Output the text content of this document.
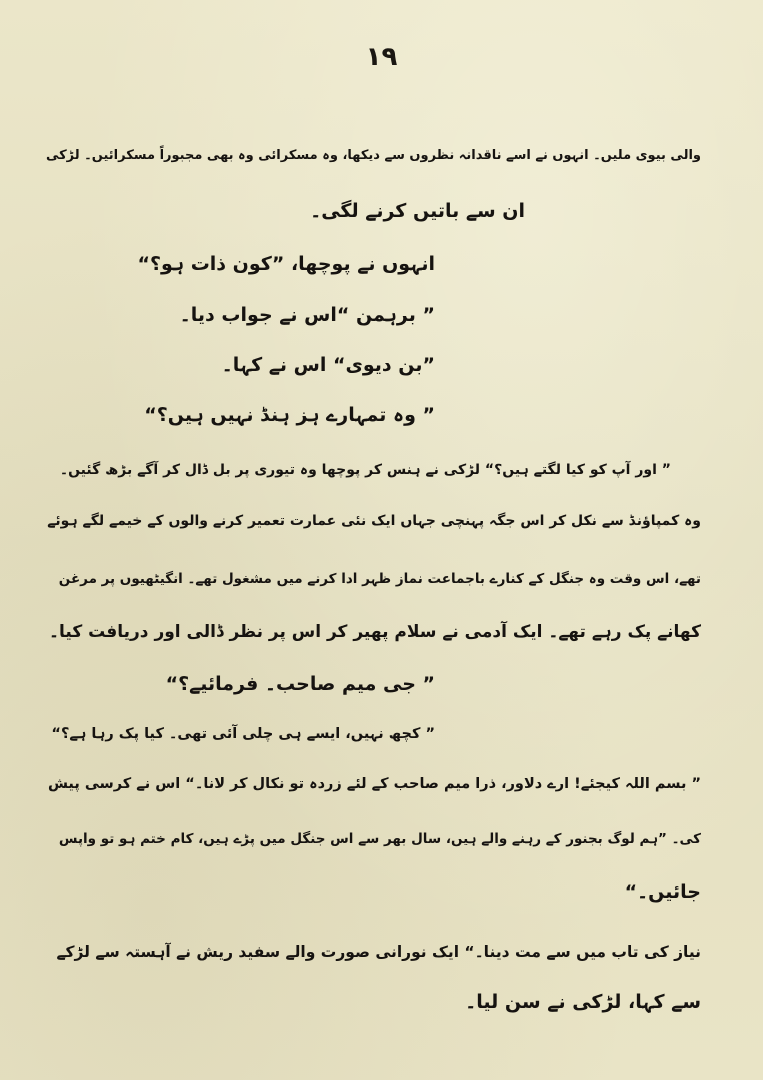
١٩
والی بیوی ملیں۔ انہوں نے اسے ناقدانہ نظروں سے دیکھا، وہ مسکرائی وہ بھی مجبوراً مسکرائیں۔ لڑکی
ان سے باتیں کرنے لگی۔
انہوں نے پوچھا، ”کون ذات ہو؟“
” برہمن “اس نے جواب دیا۔
”بن دیوی“ اس نے کہا۔
” وہ تمہارے ہز ہنڈ نہیں ہیں؟“
” اور آپ کو کیا لگتے ہیں؟“ لڑکی نے ہنس کر پوچھا وہ تیوری پر بل ڈال کر آگے بڑھ گئیں۔
وہ کمپاؤنڈ سے نکل کر اس جگہ پہنچی جہاں ایک نئی عمارت تعمیر کرنے والوں کے خیمے لگے ہوئے
تھے، اس وقت وہ جنگل کے کنارے باجماعت نماز ظہر ادا کرنے میں مشغول تھے۔ انگیٹھیوں پر مرغن
کھانے پک رہے تھے۔ ایک آدمی نے سلام پھیر کر اس پر نظر ڈالی اور دریافت کیا۔
” جی میم صاحب۔ فرمائیے؟“
” کچھ نہیں، ایسے ہی چلی آئی تھی۔ کیا پک رہا ہے؟“
” بسم اللہ کیجئے! ارے دلاور، ذرا میم صاحب کے لئے زردہ تو نکال کر لانا۔“ اس نے کرسی پیش
کی۔ ”ہم لوگ بجنور کے رہنے والے ہیں، سال بھر سے اس جنگل میں پڑے ہیں، کام ختم ہو تو واپس
جائیں۔“
نیاز کی تاب میں سے مت دینا۔“ ایک نورانی صورت والے سفید ریش نے آہستہ سے لڑکے
سے کہا، لڑکی نے سن لیا۔
